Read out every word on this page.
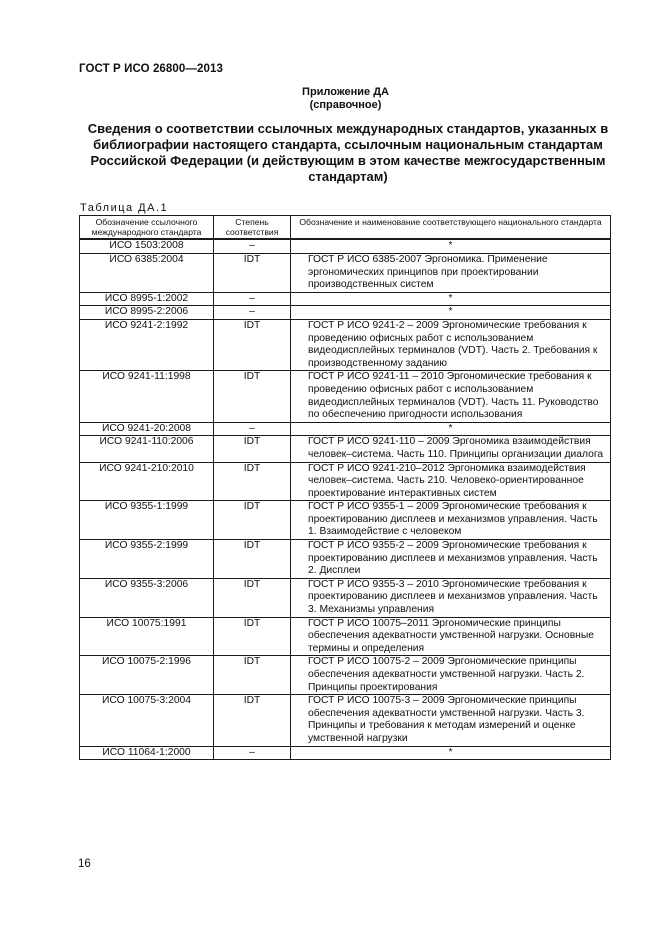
ГОСТ Р ИСО 26800—2013
Приложение ДА
(справочное)
Сведения о соответствии ссылочных международных стандартов, указанных в библиографии настоящего стандарта, ссылочным национальным стандартам Российской Федерации (и действующим в этом качестве межгосударственным стандартам)
Таблица ДА.1
Обозначение ссылочного международного стандарта	Степень соответствия	Обозначение и наименование соответствующего национального стандарта
ИСО 1503:2008	–	*
ИСО 6385:2004	IDT	ГОСТ Р ИСО 6385-2007 Эргономика. Применение эргономических принципов при проектировании производственных систем

ИСО 8995-1:2002	–	*
ИСО 8995-2:2006	–	*
ИСО 9241-2:1992	IDT	ГОСТ Р ИСО 9241-2 – 2009 Эргономические требования к проведению офисных работ с использованием видеодисплейных терминалов (VDT). Часть 2. Требования к производственному заданию

ИСО 9241-11:1998	IDT	ГОСТ Р ИСО 9241-11 – 2010 Эргономические требования к проведению офисных работ с использованием видеодисплейных терминалов (VDT). Часть 11. Руководство по обеспечению пригодности использования

ИСО 9241-20:2008	–	*
ИСО 9241-110:2006	IDT	ГОСТ Р ИСО 9241-110 – 2009 Эргономика взаимодействия человек–система. Часть 110. Принципы организации диалога

ИСО 9241-210:2010	IDT	ГОСТ Р ИСО 9241-210–2012 Эргономика взаимодействия человек–система. Часть 210. Человеко-ориентированное проектирование интерактивных систем

ИСО 9355-1:1999	IDT	ГОСТ Р ИСО 9355-1 – 2009 Эргономические требования к проектированию дисплеев и механизмов управления. Часть 1. Взаимодействие с человеком

ИСО 9355-2:1999	IDT	ГОСТ Р ИСО 9355-2 – 2009 Эргономические требования к проектированию дисплеев и механизмов управления. Часть 2. Дисплеи

ИСО 9355-3:2006	IDT	ГОСТ Р ИСО 9355-3 – 2010 Эргономические требования к проектированию дисплеев и механизмов управления. Часть 3. Механизмы управления

ИСО 10075:1991	IDT	ГОСТ Р ИСО 10075–2011 Эргономические принципы обеспечения адекватности умственной нагрузки. Основные термины и определения

ИСО 10075-2:1996	IDT	ГОСТ Р ИСО 10075-2 – 2009 Эргономические принципы обеспечения адекватности умственной нагрузки. Часть 2. Принципы проектирования

ИСО 10075-3:2004	IDT	ГОСТ Р ИСО 10075-3 – 2009 Эргономические принципы обеспечения адекватности умственной нагрузки. Часть 3. Принципы и требования к методам измерений и оценке умственной нагрузки

ИСО 11064-1:2000	–	*
16
